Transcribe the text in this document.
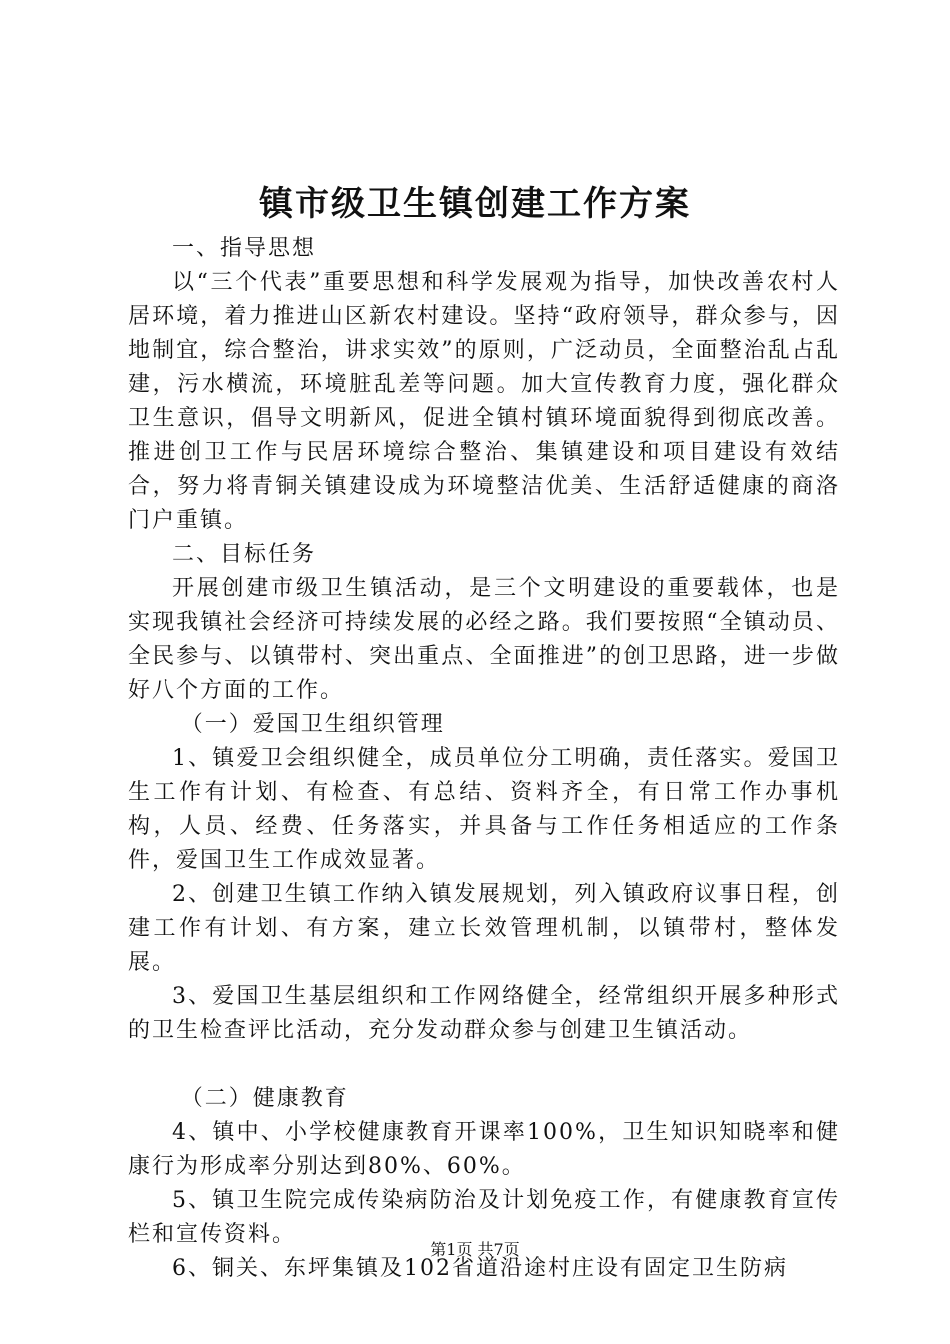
镇市级卫生镇创建工作方案

一、指导思想

以“三个代表”重要思想和科学发展观为指导，加快改善农村人居环境，着力推进山区新农村建设。坚持“政府领导，群众参与，因地制宜，综合整治，讲求实效”的原则，广泛动员，全面整治乱占乱建，污水横流，环境脏乱差等问题。加大宣传教育力度，强化群众卫生意识，倡导文明新风，促进全镇村镇环境面貌得到彻底改善。推进创卫工作与民居环境综合整治、集镇建设和项目建设有效结合，努力将青铜关镇建设成为环境整洁优美、生活舒适健康的商洛门户重镇。

二、目标任务

开展创建市级卫生镇活动，是三个文明建设的重要载体，也是实现我镇社会经济可持续发展的必经之路。我们要按照“全镇动员、全民参与、以镇带村、突出重点、全面推进”的创卫思路，进一步做好八个方面的工作。

（一）爱国卫生组织管理

1、镇爱卫会组织健全，成员单位分工明确，责任落实。爱国卫生工作有计划、有检查、有总结、资料齐全，有日常工作办事机构，人员、经费、任务落实，并具备与工作任务相适应的工作条件，爱国卫生工作成效显著。

2、创建卫生镇工作纳入镇发展规划，列入镇政府议事日程，创建工作有计划、有方案，建立长效管理机制，以镇带村，整体发展。

3、爱国卫生基层组织和工作网络健全，经常组织开展多种形式的卫生检查评比活动，充分发动群众参与创建卫生镇活动。

（二）健康教育

4、镇中、小学校健康教育开课率100%，卫生知识知晓率和健康行为形成率分别达到80%、60%。

5、镇卫生院完成传染病防治及计划免疫工作，有健康教育宣传栏和宣传资料。

6、铜关、东坪集镇及102省道沿途村庄设有固定卫生防病

第1页 共7页
